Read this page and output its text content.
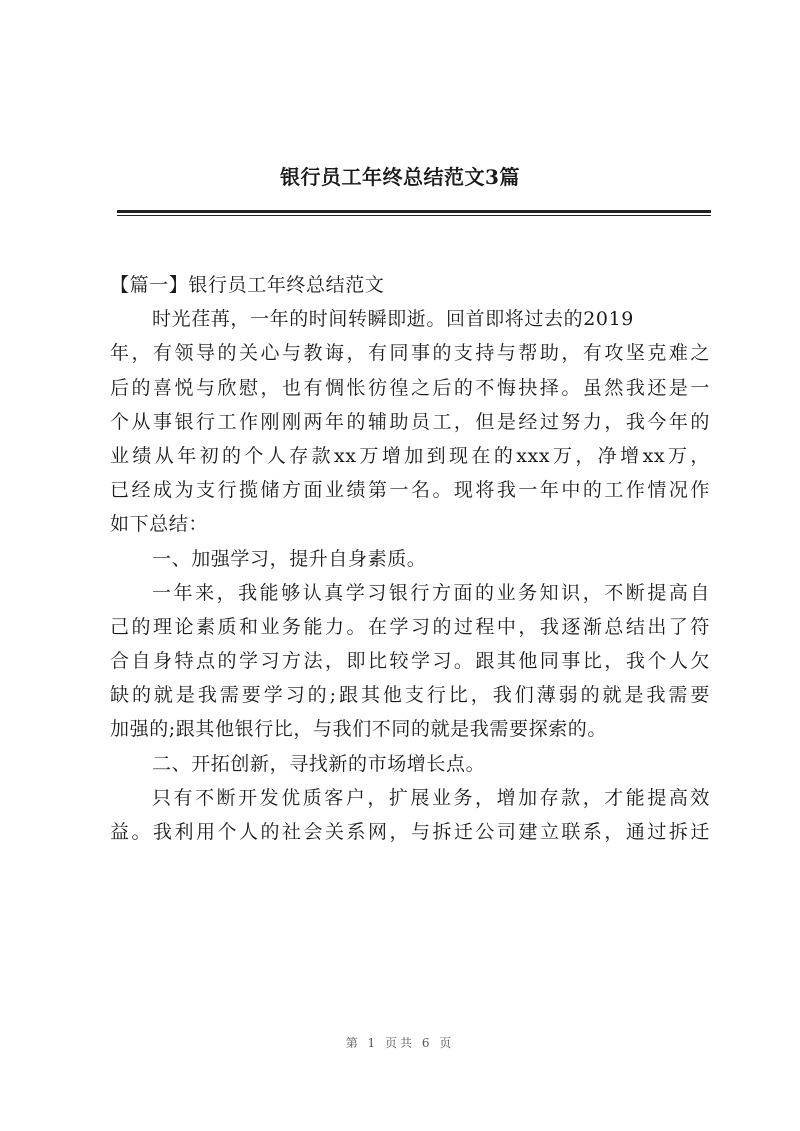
银行员工年终总结范文3篇
【篇一】银行员工年终总结范文
时光荏苒，一年的时间转瞬即逝。回首即将过去的2019
年，有领导的关心与教诲，有同事的支持与帮助，有攻坚克难之
后的喜悦与欣慰，也有惆怅彷徨之后的不悔抉择。虽然我还是一
个从事银行工作刚刚两年的辅助员工，但是经过努力，我今年的
业绩从年初的个人存款xx万增加到现在的xxx万，净增xx万，
已经成为支行揽储方面业绩第一名。现将我一年中的工作情况作
如下总结：
一、加强学习，提升自身素质。
一年来，我能够认真学习银行方面的业务知识，不断提高自
己的理论素质和业务能力。在学习的过程中，我逐渐总结出了符
合自身特点的学习方法，即比较学习。跟其他同事比，我个人欠
缺的就是我需要学习的;跟其他支行比，我们薄弱的就是我需要
加强的;跟其他银行比，与我们不同的就是我需要探索的。
二、开拓创新，寻找新的市场增长点。
只有不断开发优质客户，扩展业务，增加存款，才能提高效
益。我利用个人的社会关系网，与拆迁公司建立联系，通过拆迁
第 1 页共 6 页
